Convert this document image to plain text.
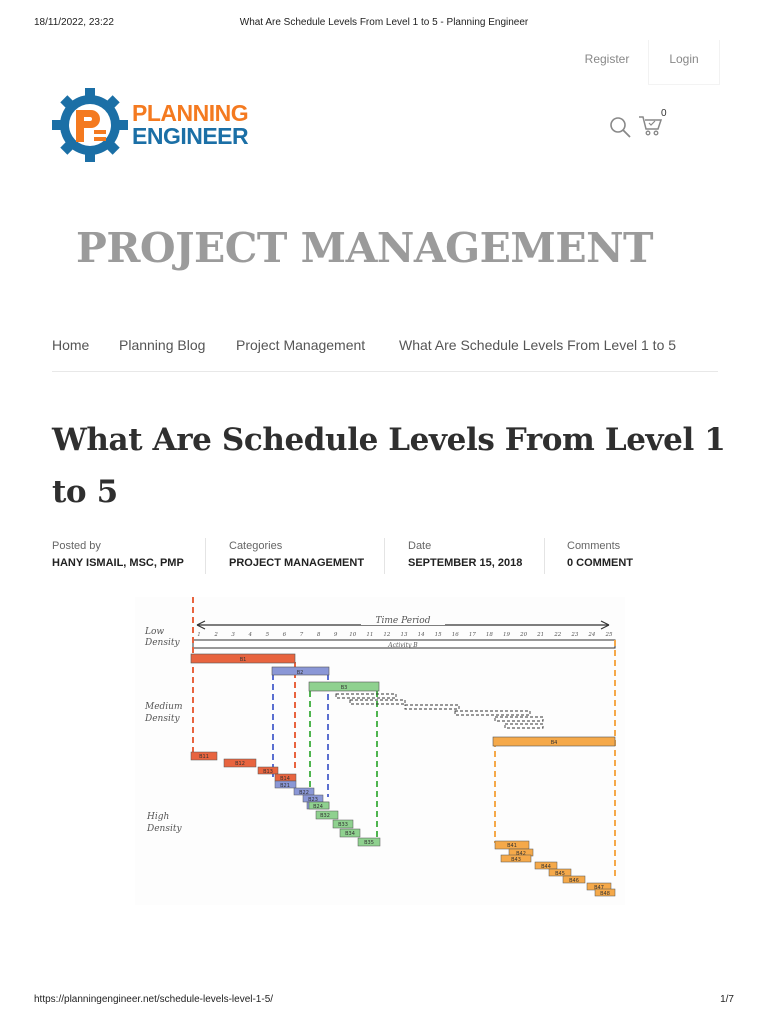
18/11/2022, 23:22	What Are Schedule Levels From Level 1 to 5 - Planning Engineer
Register	Login
PLANNING
ENGINEER
0
PROJECT MANAGEMENT
Home Planning Blog Project Management What Are Schedule Levels From Level 1 to 5
What Are Schedule Levels From Level 1 to 5
Posted by
HANY ISMAIL, MSC, PMP
Categories
PROJECT MANAGEMENT
Date
SEPTEMBER 15, 2018
Comments
0 COMMENT
Time Period
Low
Density
Medium
Density
High
Density
Activity B
B1
B2
B3
B4
B11
B12
B13
B14
B21
B22
B23
B24
B32
B33
B34
B35	B41
B42
B43
B44
B45
B46
B47
B48
1 2 3 4 5 6 7 8 9 10 11 12 13 14 15 16 17 18 19 20 21 22 23 24 25
https://planningengineer.net/schedule-levels-level-1-5/	1/7
